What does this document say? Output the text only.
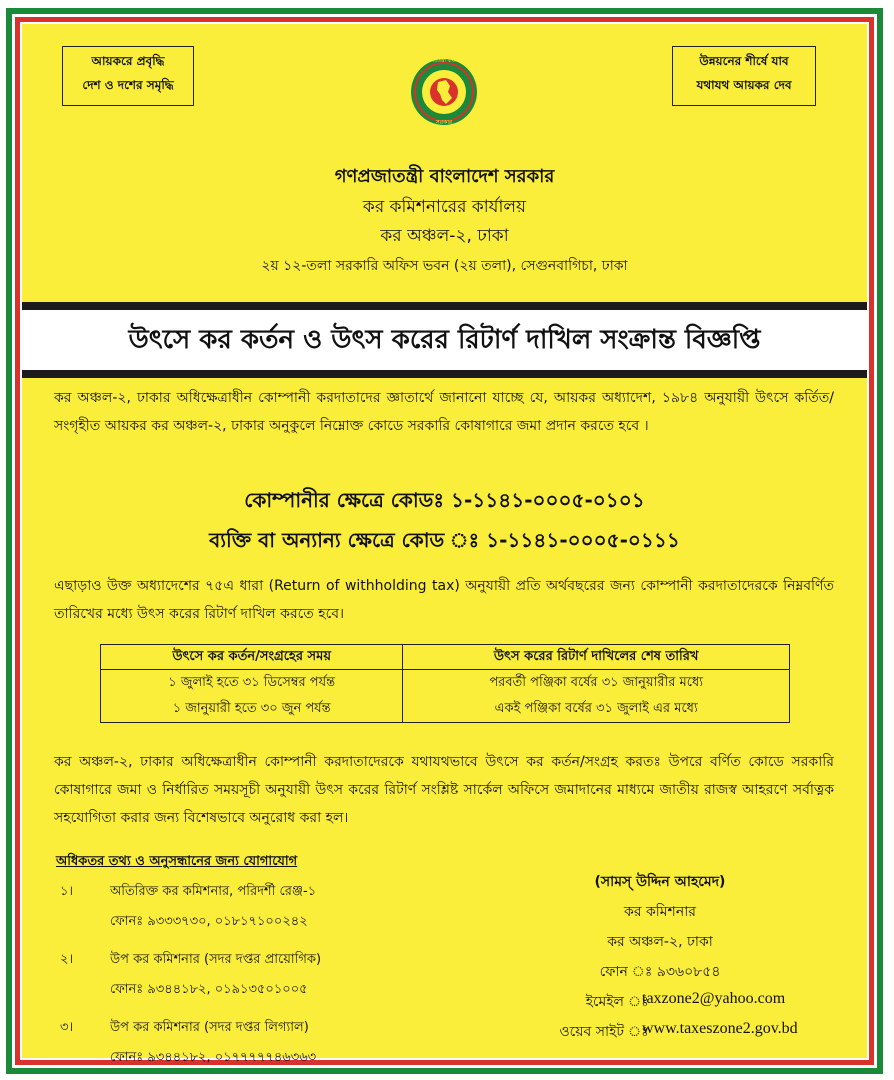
আয়করে প্রবৃদ্ধি
দেশ ও দশের সমৃদ্ধি
উন্নয়নের শীর্ষে যাব
যথাযথ আয়কর দেব
গণপ্রজাতন্ত্রী বাংলাদেশ
সরকার
গণপ্রজাতন্ত্রী বাংলাদেশ সরকার
কর কমিশনারের কার্যালয়
কর অঞ্চল-২, ঢাকা
২য় ১২-তলা সরকারি অফিস ভবন (২য় তলা), সেগুনবাগিচা, ঢাকা
উৎসে কর কর্তন ও উৎস করের রিটার্ণ দাখিল সংক্রান্ত বিজ্ঞপ্তি
কর অঞ্চল-২, ঢাকার অধিক্ষেত্রাধীন কোম্পানী করদাতাদের জ্ঞাতার্থে জানানো যাচ্ছে যে, আয়কর অধ্যাদেশ, ১৯৮৪ অনুযায়ী উৎসে কর্তিত/সংগৃহীত আয়কর কর অঞ্চল-২, ঢাকার অনুকুলে নিম্নোক্ত কোডে সরকারি কোষাগারে জমা প্রদান করতে হবে ।
কোম্পানীর ক্ষেত্রে কোডঃ ১-১১৪১-০০০৫-০১০১
ব্যক্তি বা অন্যান্য ক্ষেত্রে কোড ঃ ১-১১৪১-০০০৫-০১১১
এছাড়াও উক্ত অধ্যাদেশের ৭৫এ ধারা (Return of withholding tax) অনুযায়ী প্রতি অর্থবছরের জন্য কোম্পানী করদাতাদেরকে নিম্নবর্ণিত তারিখের মধ্যে উৎস করের রিটার্ণ দাখিল করতে হবে।
উৎসে কর কর্তন/সংগ্রহের সময়	উৎস করের রিটার্ণ দাখিলের শেষ তারিখ
১ জুলাই হতে ৩১ ডিসেম্বর পর্যন্ত	পরবর্তী পঞ্জিকা বর্ষের ৩১ জানুয়ারীর মধ্যে
১ জানুয়ারী হতে ৩০ জুন পর্যন্ত	একই পঞ্জিকা বর্ষের ৩১ জুলাই এর মধ্যে
কর অঞ্চল-২, ঢাকার অধিক্ষেত্রাধীন কোম্পানী করদাতাদেরকে যথাযথভাবে উৎসে কর কর্তন/সংগ্রহ করতঃ উপরে বর্ণিত কোডে সরকারি কোষাগারে জমা ও নির্ধারিত সময়সূচী অনুযায়ী উৎস করের রিটার্ণ সংশ্লিষ্ট সার্কেল অফিসে জমাদানের মাধ্যমে জাতীয় রাজস্ব আহরণে সর্বাত্নক সহযোগিতা করার জন্য বিশেষভাবে অনুরোধ করা হল।
অধিকতর তথ্য ও অনুসন্ধানের জন্য যোগাযোগ
১।	অতিরিক্ত কর কমিশনার, পরিদর্শী রেঞ্জ-১
ফোনঃ ৯৩৩৩৭৩০, ০১৮১৭১০০২৪২
২।	উপ কর কমিশনার (সদর দপ্তর প্রায়োগিক)
ফোনঃ ৯৩৪৪১৮২, ০১৯১৩৫০১০০৫
৩।	উপ কর কমিশনার (সদর দপ্তর লিগ্যাল)
ফোনঃ ৯৩৪৪১৮২, ০১৭৭৭৭৭৪৬৩৬৩
(সামস্ উদ্দিন আহমেদ)
কর কমিশনার
কর অঞ্চল-২, ঢাকা
ফোন ঃ ৯৩৬০৮৫৪
ইমেইল ঃ
taxzone2@yahoo.com
ওয়েব সাইট ঃ
www.taxeszone2.gov.bd
